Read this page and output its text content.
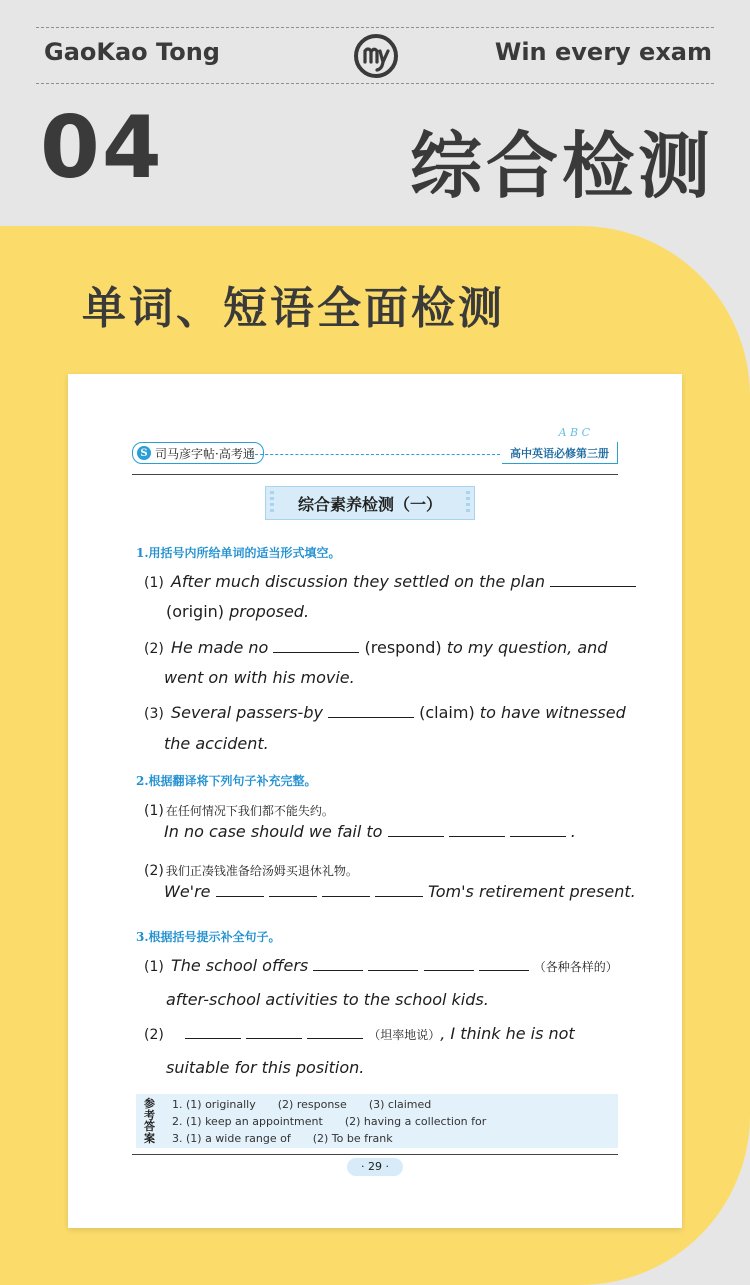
GaoKao Tong	Win every exam
04	综合检测
单词、短语全面检测
S 司马彦字帖·高考通
A B C
高中英语必修第三册
综合素养检测（一）
1.用括号内所给单词的适当形式填空。
(1) After much discussion they settled on the plan
(origin) proposed.
(2) He made no	(respond) to my question, and
went on with his movie.
(3) Several passers-by	(claim) to have witnessed
the accident.
2.根据翻译将下列句子补充完整。
(1) 在任何情况下我们都不能失约。
In no case should we fail to	.
(2) 我们正凑钱准备给汤姆买退休礼物。
We're	Tom's retirement present.
3.根据括号提示补全句子。
(1) The school offers	（各种各样的）
after-school activities to the school kids.
(2)	（坦率地说）, I think he is not
suitable for this position.
参考答案
1. (1) originally (2) response (3) claimed
2. (1) keep an appointment (2) having a collection for
3. (1) a wide range of (2) To be frank
· 29 ·
